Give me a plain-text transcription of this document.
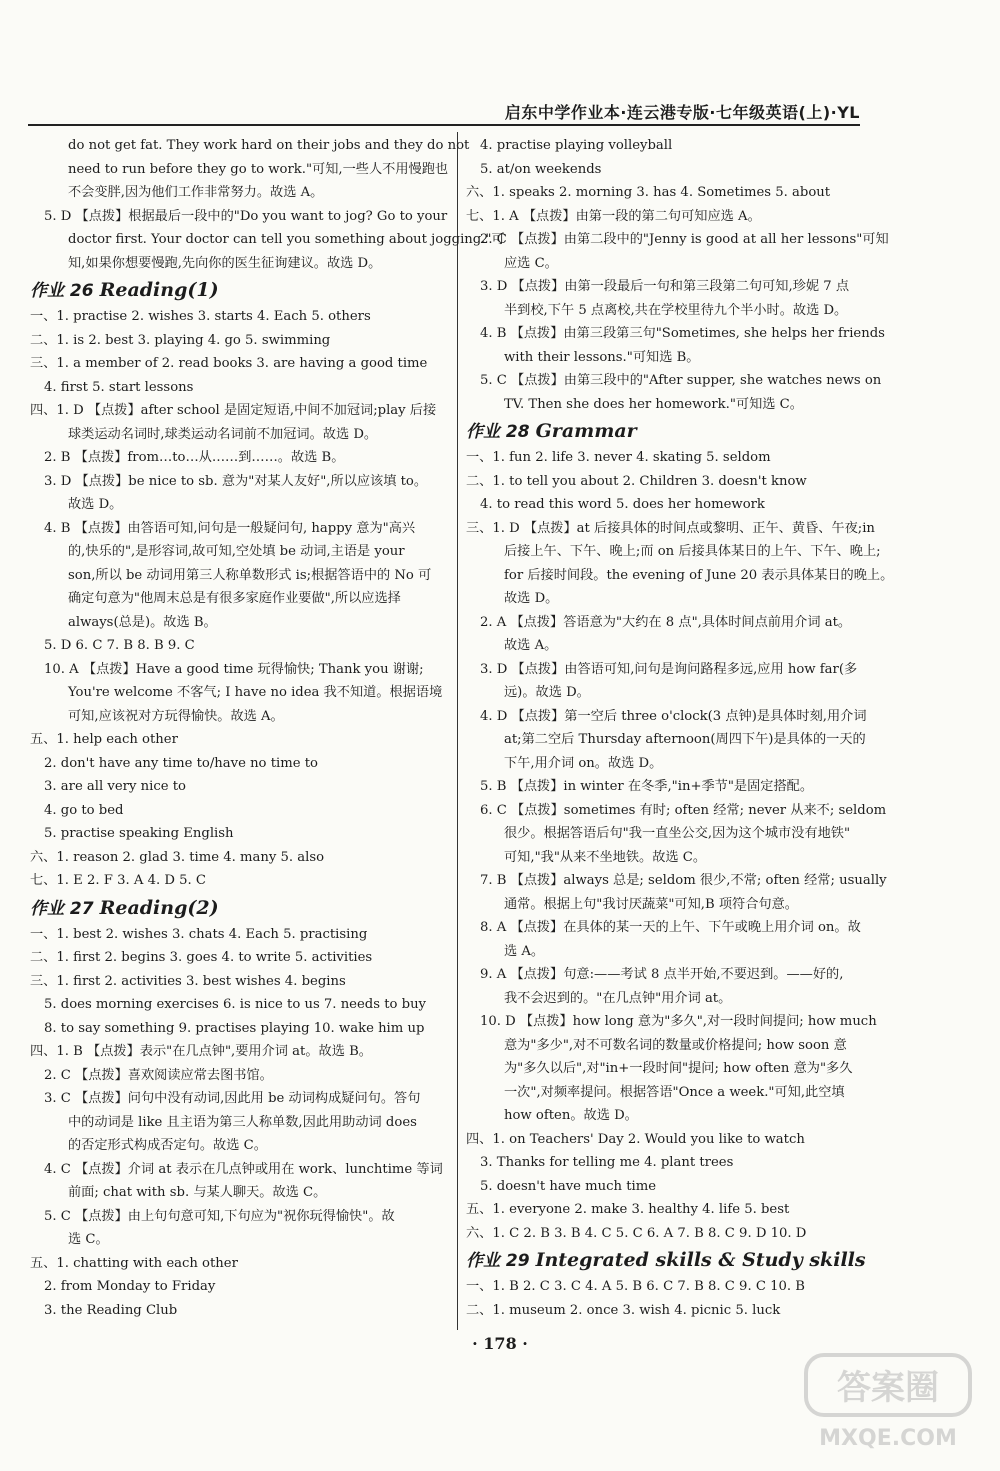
启东中学作业本·连云港专版·七年级英语(上)·YL
do not get fat. They work hard on their jobs and they do not
need to run before they go to work."可知,一些人不用慢跑也
不会变胖,因为他们工作非常努力。故选 A。
5. D 【点拨】根据最后一段中的"Do you want to jog? Go to your
doctor first. Your doctor can tell you something about jogging."可
知,如果你想要慢跑,先向你的医生征询建议。故选 D。
作业 26 Reading(1)
一、1. practise 2. wishes 3. starts 4. Each 5. others
二、1. is 2. best 3. playing 4. go 5. swimming
三、1. a member of 2. read books 3. are having a good time
4. first 5. start lessons
四、1. D 【点拨】after school 是固定短语,中间不加冠词;play 后接
球类运动名词时,球类运动名词前不加冠词。故选 D。
2. B 【点拨】from…to…从……到……。故选 B。
3. D 【点拨】be nice to sb. 意为"对某人友好",所以应该填 to。
故选 D。
4. B 【点拨】由答语可知,问句是一般疑问句, happy 意为"高兴
的,快乐的",是形容词,故可知,空处填 be 动词,主语是 your
son,所以 be 动词用第三人称单数形式 is;根据答语中的 No 可
确定句意为"他周末总是有很多家庭作业要做",所以应选择
always(总是)。故选 B。
5. D 6. C 7. B 8. B 9. C
10. A 【点拨】Have a good time 玩得愉快; Thank you 谢谢;
You're welcome 不客气; I have no idea 我不知道。根据语境
可知,应该祝对方玩得愉快。故选 A。
五、1. help each other
2. don't have any time to/have no time to
3. are all very nice to
4. go to bed
5. practise speaking English
六、1. reason 2. glad 3. time 4. many 5. also
七、1. E 2. F 3. A 4. D 5. C
作业 27 Reading(2)
一、1. best 2. wishes 3. chats 4. Each 5. practising
二、1. first 2. begins 3. goes 4. to write 5. activities
三、1. first 2. activities 3. best wishes 4. begins
5. does morning exercises 6. is nice to us 7. needs to buy
8. to say something 9. practises playing 10. wake him up
四、1. B 【点拨】表示"在几点钟",要用介词 at。故选 B。
2. C 【点拨】喜欢阅读应常去图书馆。
3. C 【点拨】问句中没有动词,因此用 be 动词构成疑问句。答句
中的动词是 like 且主语为第三人称单数,因此用助动词 does
的否定形式构成否定句。故选 C。
4. C 【点拨】介词 at 表示在几点钟或用在 work、lunchtime 等词
前面; chat with sb. 与某人聊天。故选 C。
5. C 【点拨】由上句句意可知,下句应为"祝你玩得愉快"。故
选 C。
五、1. chatting with each other
2. from Monday to Friday
3. the Reading Club
4. practise playing volleyball
5. at/on weekends
六、1. speaks 2. morning 3. has 4. Sometimes 5. about
七、1. A 【点拨】由第一段的第二句可知应选 A。
2. C 【点拨】由第二段中的"Jenny is good at all her lessons"可知
应选 C。
3. D 【点拨】由第一段最后一句和第三段第二句可知,珍妮 7 点
半到校,下午 5 点离校,共在学校里待九个半小时。故选 D。
4. B 【点拨】由第三段第三句"Sometimes, she helps her friends
with their lessons."可知选 B。
5. C 【点拨】由第三段中的"After supper, she watches news on
TV. Then she does her homework."可知选 C。
作业 28 Grammar
一、1. fun 2. life 3. never 4. skating 5. seldom
二、1. to tell you about 2. Children 3. doesn't know
4. to read this word 5. does her homework
三、1. D 【点拨】at 后接具体的时间点或黎明、正午、黄昏、午夜;in
后接上午、下午、晚上;而 on 后接具体某日的上午、下午、晚上;
for 后接时间段。the evening of June 20 表示具体某日的晚上。
故选 D。
2. A 【点拨】答语意为"大约在 8 点",具体时间点前用介词 at。
故选 A。
3. D 【点拨】由答语可知,问句是询问路程多远,应用 how far(多
远)。故选 D。
4. D 【点拨】第一空后 three o'clock(3 点钟)是具体时刻,用介词
at;第二空后 Thursday afternoon(周四下午)是具体的一天的
下午,用介词 on。故选 D。
5. B 【点拨】in winter 在冬季,"in+季节"是固定搭配。
6. C 【点拨】sometimes 有时; often 经常; never 从来不; seldom
很少。根据答语后句"我一直坐公交,因为这个城市没有地铁"
可知,"我"从来不坐地铁。故选 C。
7. B 【点拨】always 总是; seldom 很少,不常; often 经常; usually
通常。根据上句"我讨厌蔬菜"可知,B 项符合句意。
8. A 【点拨】在具体的某一天的上午、下午或晚上用介词 on。故
选 A。
9. A 【点拨】句意:——考试 8 点半开始,不要迟到。——好的,
我不会迟到的。"在几点钟"用介词 at。
10. D 【点拨】how long 意为"多久",对一段时间提问; how much
意为"多少",对不可数名词的数量或价格提问; how soon 意
为"多久以后",对"in+一段时间"提问; how often 意为"多久
一次",对频率提问。根据答语"Once a week."可知,此空填
how often。故选 D。
四、1. on Teachers' Day 2. Would you like to watch
3. Thanks for telling me 4. plant trees
5. doesn't have much time
五、1. everyone 2. make 3. healthy 4. life 5. best
六、1. C 2. B 3. B 4. C 5. C 6. A 7. B 8. C 9. D 10. D
作业 29 Integrated skills & Study skills
一、1. B 2. C 3. C 4. A 5. B 6. C 7. B 8. C 9. C 10. B
二、1. museum 2. once 3. wish 4. picnic 5. luck
· 178 ·
答案圈
MXQE.COM
